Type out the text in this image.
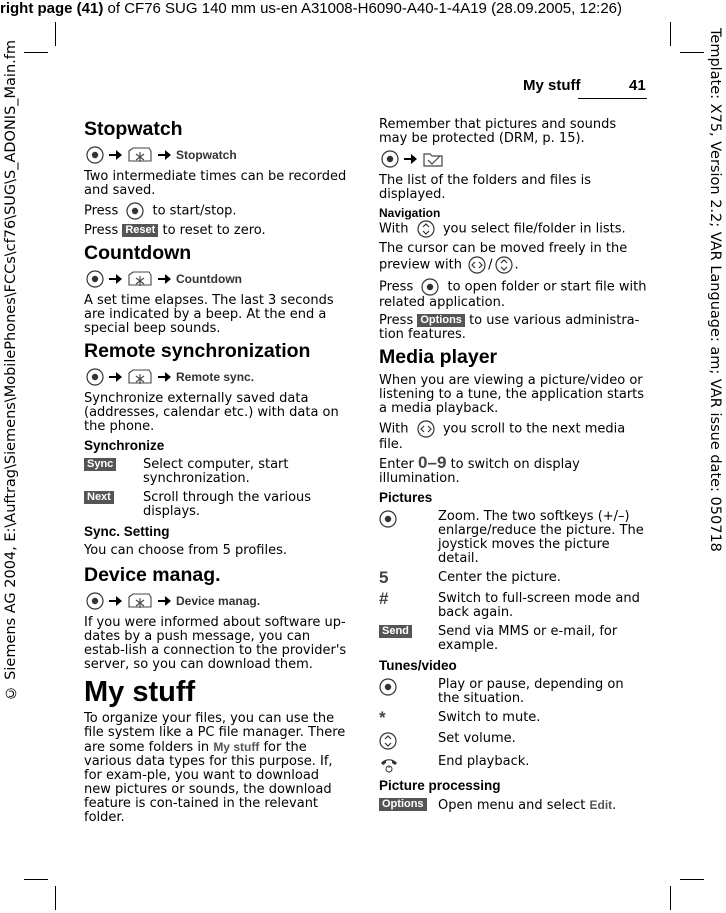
right page (41) of CF76 SUG 140 mm us-en A31008-H6090-A40-1-4A19 (28.09.2005, 12:26)
Template: X75, Version 2.2; VAR Language: am; VAR issue date: 050718
© Siemens AG 2004, E:\Auftrag\Siemens\MobilePhones\FCCs\cf76\SUG\S_ADONIS_Main.fm	My stuff	41
Stopwatch
Stopwatch

Two intermediate times can be recorded and saved.

Press	to start/stop.

Press Reset to reset to zero.

Countdown
Countdown

A set time elapses. The last 3 seconds are indicated by a beep. At the end a special beep sounds.

Remote synchronization
Remote sync.

Synchronize externally saved data (addresses, calendar etc.) with data on the phone.

Synchronize
Sync	Select computer, start synchronization.
Next	Scroll through the various displays.
Sync. Setting

You can choose from 5 profiles.

Device manag.
Device manag.

If you were informed about software up-dates by a push message, you can estab-lish a connection to the provider's server, so you can download them.

My stuff

To organize your files, you can use the file system like a PC file manager. There are some folders in My stuff for the various data types for this purpose. If, for exam-ple, you want to download new pictures or sounds, the download feature is con-tained in the relevant folder.

Remember that pictures and sounds may be protected (DRM, p. 15).

The list of the folders and files is displayed.

Navigation

With	you select file/folder in lists.

The cursor can be moved freely in the preview with / .

Press	to open folder or start file with related application.

Press Options to use various administra-tion features.

Media player

When you are viewing a picture/video or listening to a tune, the application starts a media playback.

With	you scroll to the next media file.

Enter 0–9 to switch on display illumination.

Pictures
Zoom. The two softkeys (+/–) enlarge/reduce the picture. The joystick moves the picture detail.
5	Center the picture.
#	Switch to full-screen mode and back again.
Send	Send via MMS or e-mail, for example.
Tunes/video
Play or pause, depending on the situation.
*	Switch to mute.
Set volume.
End playback.
Picture processing
Options	Open menu and select Edit.
